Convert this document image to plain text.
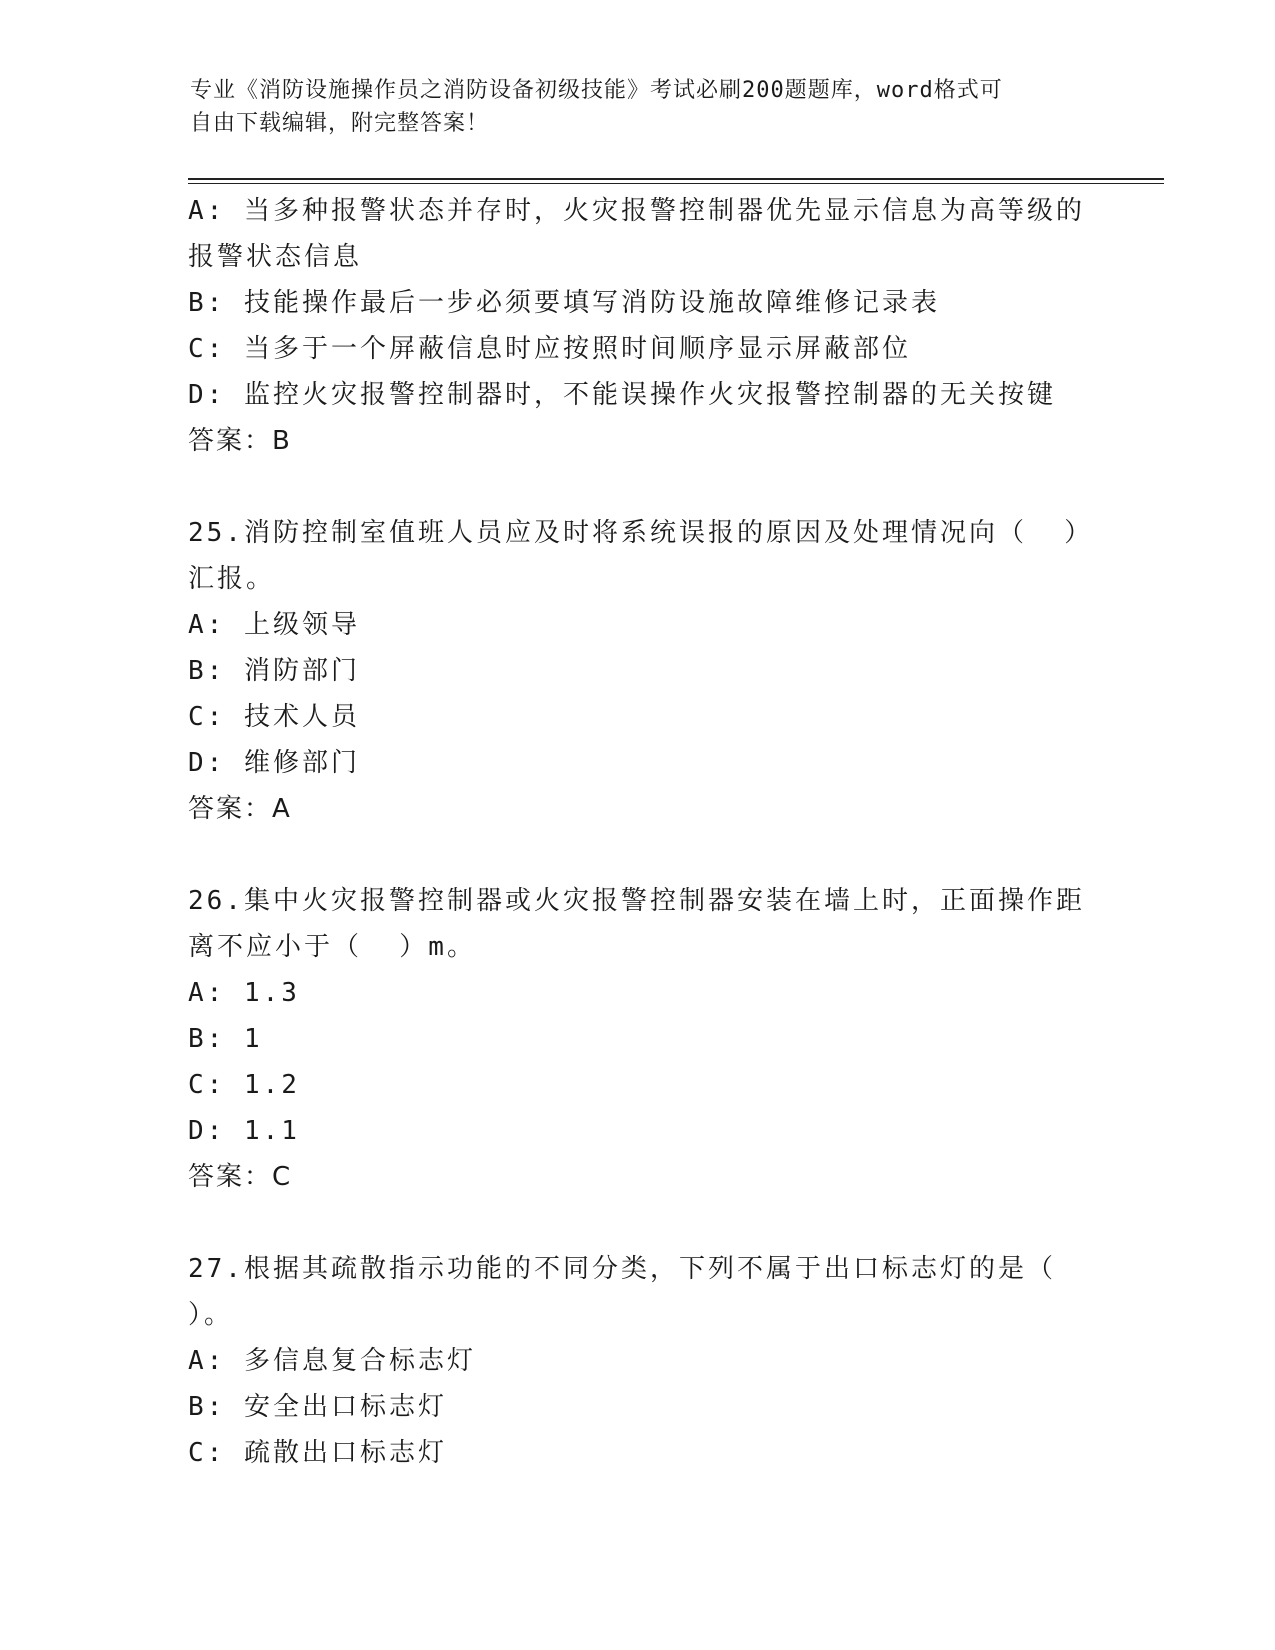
专业《消防设施操作员之消防设备初级技能》考试必刷200题题库，word格式可
自由下载编辑，附完整答案！
A: 当多种报警状态并存时，火灾报警控制器优先显示信息为高等级的
报警状态信息
B: 技能操作最后一步必须要填写消防设施故障维修记录表
C: 当多于一个屏蔽信息时应按照时间顺序显示屏蔽部位
D: 监控火灾报警控制器时，不能误操作火灾报警控制器的无关按键
答案：B
25.消防控制室值班人员应及时将系统误报的原因及处理情况向（  ）
汇报。
A: 上级领导
B: 消防部门
C: 技术人员
D: 维修部门
答案：A
26.集中火灾报警控制器或火灾报警控制器安装在墙上时，正面操作距
离不应小于（  ）m。
A: 1.3
B: 1
C: 1.2
D: 1.1
答案：C
27.根据其疏散指示功能的不同分类，下列不属于出口标志灯的是（
）。
A: 多信息复合标志灯
B: 安全出口标志灯
C: 疏散出口标志灯
